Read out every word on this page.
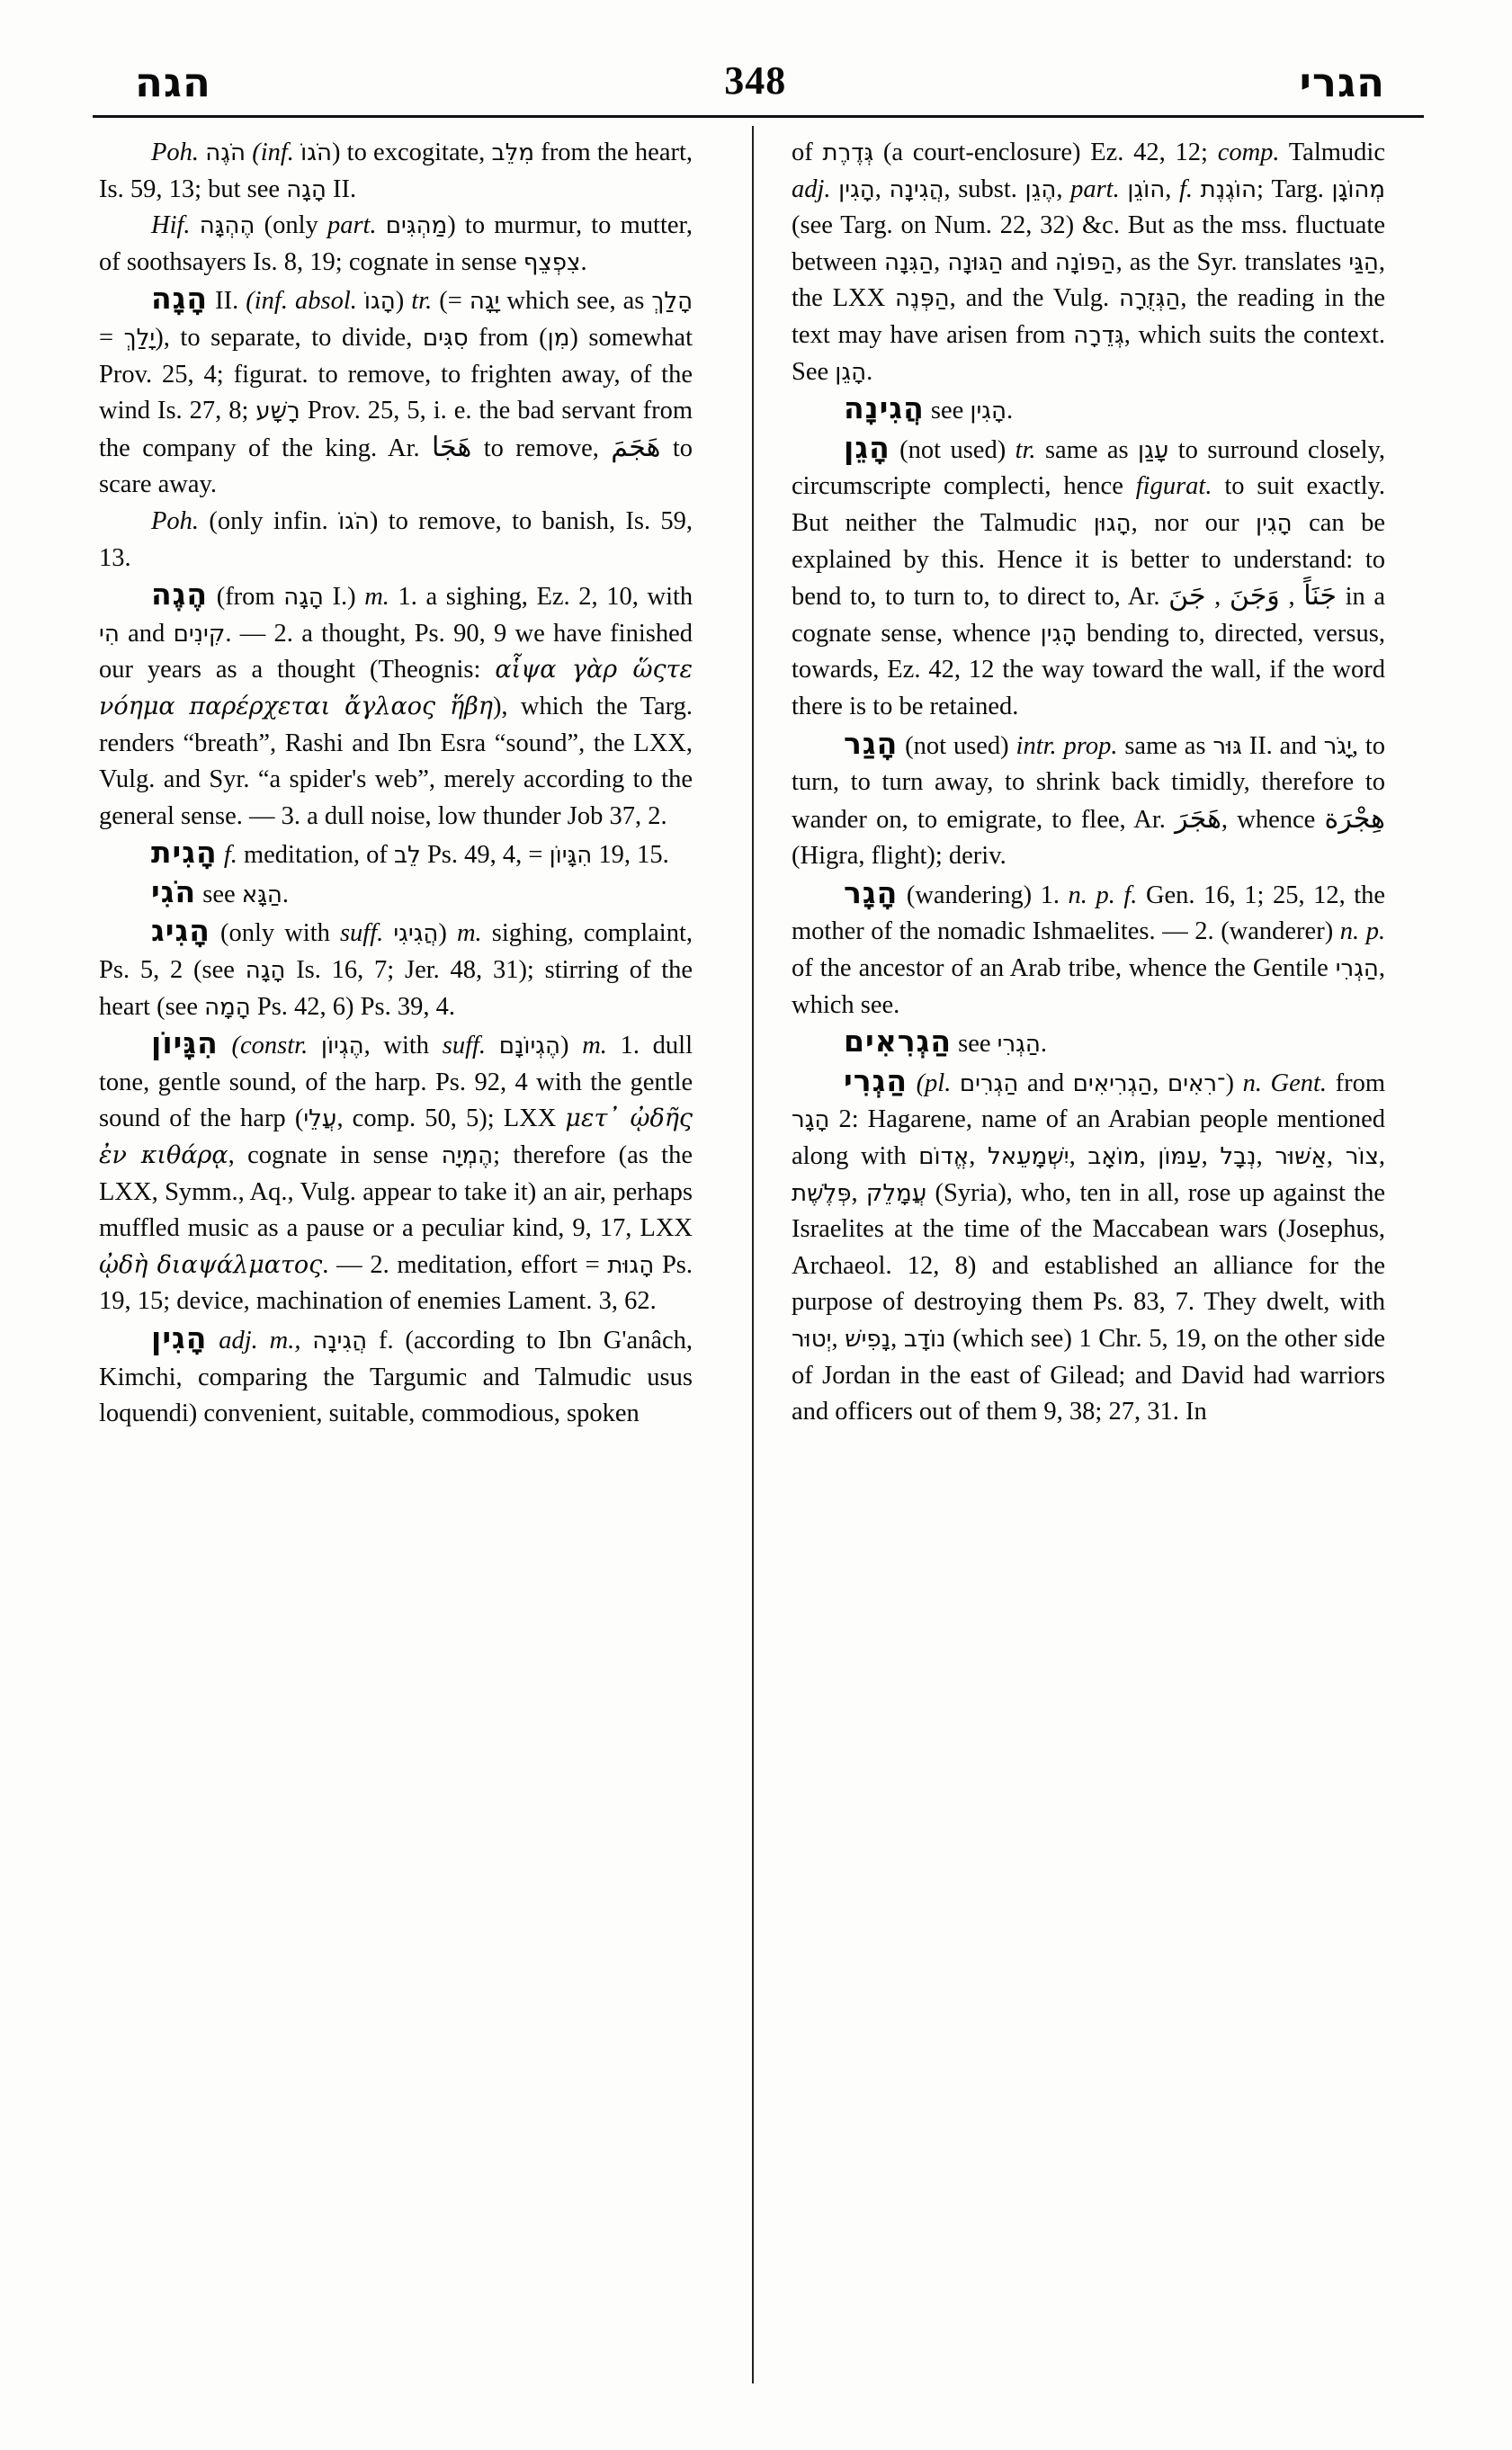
הגה	348	הגרי

Poh. הֹגֶה (inf. הֹגוֹ) to excogitate, מִלֵּב from the heart, Is. 59, 13; but see הָגָה II.

Hif. הֶהְגָּה (only part. מַהְגִּים) to murmur, to mutter, of soothsayers Is. 8, 19; cognate in sense צִפְצֵף.

הָגָה II. (inf. absol. הָגוֹ) tr. (= יָגָה which see, as הָלַךְ = יָלַךְ), to separate, to divide, סִגִּים from (מִן) somewhat Prov. 25, 4; figurat. to remove, to frighten away, of the wind Is. 27, 8; רָשָׁע Prov. 25, 5, i. e. the bad servant from the company of the king. Ar. هَجَا to remove, هَجَمَ to scare away.

Poh. (only infin. הֹגוֹ) to remove, to banish, Is. 59, 13.

הֶגֶה (from הָגָה I.) m. 1. a sighing, Ez. 2, 10, with הִי and קִינִים. — 2. a thought, Ps. 90, 9 we have finished our years as a thought (Theognis: αἷψα γὰρ ὥςτε νόημα παρέρχεται ἄγλαος ἥβη), which the Targ. renders “breath”, Rashi and Ibn Esra “sound”, the LXX, Vulg. and Syr. “a spider's web”, merely according to the general sense. — 3. a dull noise, low thunder Job 37, 2.

הָגִית f. meditation, of לֵב Ps. 49, 4, = הִגָּיוֹן 19, 15.

הֹגִי see הַגָּא.

הָגִיג (only with suff. הֲגִיגִי) m. sighing, complaint, Ps. 5, 2 (see הָגָה Is. 16, 7; Jer. 48, 31); stirring of the heart (see הָמָה Ps. 42, 6) Ps. 39, 4.

הִגָּיוֹן (constr. הֶגְיוֹן, with suff. הֶגְיוֹנָם) m. 1. dull tone, gentle sound, of the harp. Ps. 92, 4 with the gentle sound of the harp (עֲלֵי, comp. 50, 5); LXX μετ᾽ ᾠδῆς ἐν κιθάρᾳ, cognate in sense הֶמְיָה; therefore (as the LXX, Symm., Aq., Vulg. appear to take it) an air, perhaps muffled music as a pause or a peculiar kind, 9, 17, LXX ᾠδὴ διαψάλματος. — 2. meditation, effort = הָגוּת Ps. 19, 15; device, machination of enemies Lament. 3, 62.

הָגִין adj. m., הֲגִינָה f. (according to Ibn G'anâch, Kimchi, comparing the Targumic and Talmudic usus loquendi) convenient, suitable, commodious, spoken

of גְּדֶרֶת (a court-enclosure) Ez. 42, 12; comp. Talmudic adj. הָגִין, הֲגִינָה, subst. הֶגֵן, part. הוֹגֵן, f. הוֹגֶנֶת; Targ. מְהוֹגָן (see Targ. on Num. 22, 32) &c. But as the mss. fluctuate between הַגִּנָה, הַגּוּנָה and הַפּוֹנָה, as the Syr. translates הַגַּי, the LXX הַפְּנֶה, and the Vulg. הַגְּזֻרָה, the reading in the text may have arisen from גְּדֵרָה, which suits the context. See הָגֵן.

הֲגִינָה see הָגִין.

הָגֵן (not used) tr. same as עָגַן to surround closely, circumscripte complecti, hence figurat. to suit exactly. But neither the Talmudic הָגוּן, nor our הָגִין can be explained by this. Hence it is better to understand: to bend to, to turn to, to direct to, Ar. جَنَ , وَجَنَ , جَنَاً in a cognate sense, whence הָגִין bending to, directed, versus, towards, Ez. 42, 12 the way toward the wall, if the word there is to be retained.

הָגַר (not used) intr. prop. same as גּוּר II. and יָגֹר, to turn, to turn away, to shrink back timidly, therefore to wander on, to emigrate, to flee, Ar. هَجَرَ, whence هِجْرَة (Higra, flight); deriv.

הָגָר (wandering) 1. n. p. f. Gen. 16, 1; 25, 12, the mother of the nomadic Ishmaelites. — 2. (wanderer) n. p. of the ancestor of an Arab tribe, whence the Gentile הַגְרִי, which see.

הַגְרִאִים see הַגְרִי.

הַגְרִי (pl. הַגְרִים and הַגְרִיאִים, ־רִאִים) n. Gent. from הָגָר 2: Hagarene, name of an Arabian people mentioned along with אֱדוֹם, יִשְׁמָעֵאל, מוֹאָב, עַמּוֹן, נְבָל, אַשּׁוּר, צוֹר, פְּלֶשֶׁת, עֲמָלֵק (Syria), who, ten in all, rose up against the Israelites at the time of the Maccabean wars (Josephus, Archaeol. 12, 8) and established an alliance for the purpose of destroying them Ps. 83, 7. They dwelt, with יְטוּר, נָפִישׁ, נוֹדָב (which see) 1 Chr. 5, 19, on the other side of Jordan in the east of Gilead; and David had warriors and officers out of them 9, 38; 27, 31. In
